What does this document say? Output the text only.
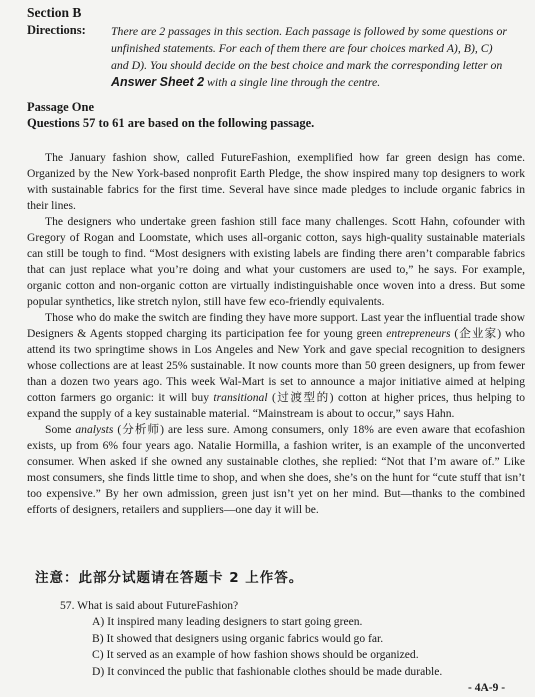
Section B
Directions: There are 2 passages in this section. Each passage is followed by some questions or unfinished statements. For each of them there are four choices marked A), B), C) and D). You should decide on the best choice and mark the corresponding letter on Answer Sheet 2 with a single line through the centre.
Passage One
Questions 57 to 61 are based on the following passage.

The January fashion show, called FutureFashion, exemplified how far green design has come. Organized by the New York-based nonprofit Earth Pledge, the show inspired many top designers to work with sustainable fabrics for the first time. Several have since made pledges to include organic fabrics in their lines.

The designers who undertake green fashion still face many challenges. Scott Hahn, cofounder with Gregory of Rogan and Loomstate, which uses all-organic cotton, says high-quality sustainable materials can still be tough to find. “Most designers with existing labels are finding there aren’t comparable fabrics that can just replace what you’re doing and what your customers are used to,” he says. For example, organic cotton and non-organic cotton are virtually indistinguishable once woven into a dress. But some popular synthetics, like stretch nylon, still have few eco-friendly equivalents.

Those who do make the switch are finding they have more support. Last year the influential trade show Designers & Agents stopped charging its participation fee for young green entrepreneurs (企业家) who attend its two springtime shows in Los Angeles and New York and gave special recognition to designers whose collections are at least 25% sustainable. It now counts more than 50 green designers, up from fewer than a dozen two years ago. This week Wal-Mart is set to announce a major initiative aimed at helping cotton farmers go organic: it will buy transitional (过渡型的) cotton at higher prices, thus helping to expand the supply of a key sustainable material. “Mainstream is about to occur,” says Hahn.

Some analysts (分析师) are less sure. Among consumers, only 18% are even aware that ecofashion exists, up from 6% four years ago. Natalie Hormilla, a fashion writer, is an example of the unconverted consumer. When asked if she owned any sustainable clothes, she replied: “Not that I’m aware of.” Like most consumers, she finds little time to shop, and when she does, she’s on the hunt for “cute stuff that isn’t too expensive.” By her own admission, green just isn’t yet on her mind. But—thanks to the combined efforts of designers, retailers and suppliers—one day it will be.

注意：此部分试题请在答题卡 2 上作答。
57. What is said about FutureFashion?
A) It inspired many leading designers to start going green.
B) It showed that designers using organic fabrics would go far.
C) It served as an example of how fashion shows should be organized.
D) It convinced the public that fashionable clothes should be made durable.
- 4A-9 -
